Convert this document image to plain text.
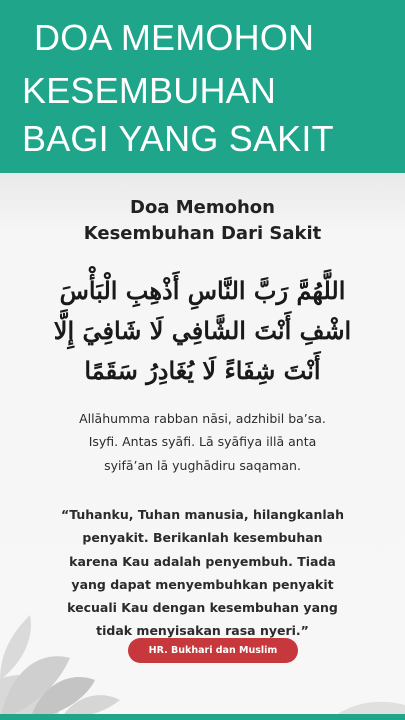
DOA MEMOHON
KESEMBUHAN
BAGI YANG SAKIT
Doa Memohon
Kesembuhan Dari Sakit
اللَّهُمَّ رَبَّ النَّاسِ أَذْهِبِ الْبَأْسَ
اشْفِ أَنْتَ الشَّافِي لَا شَافِيَ إِلَّا
أَنْتَ شِفَاءً لَا يُغَادِرُ سَقَمًا
Allāhumma rabban nāsi, adzhibil ba’sa.
Isyfi. Antas syāfi. Lā syāfiya illā anta
syifā’an lā yughādiru saqaman.
“Tuhanku, Tuhan manusia, hilangkanlah
penyakit. Berikanlah kesembuhan
karena Kau adalah penyembuh. Tiada
yang dapat menyembuhkan penyakit
kecuali Kau dengan kesembuhan yang
tidak menyisakan rasa nyeri.”
HR. Bukhari dan Muslim
